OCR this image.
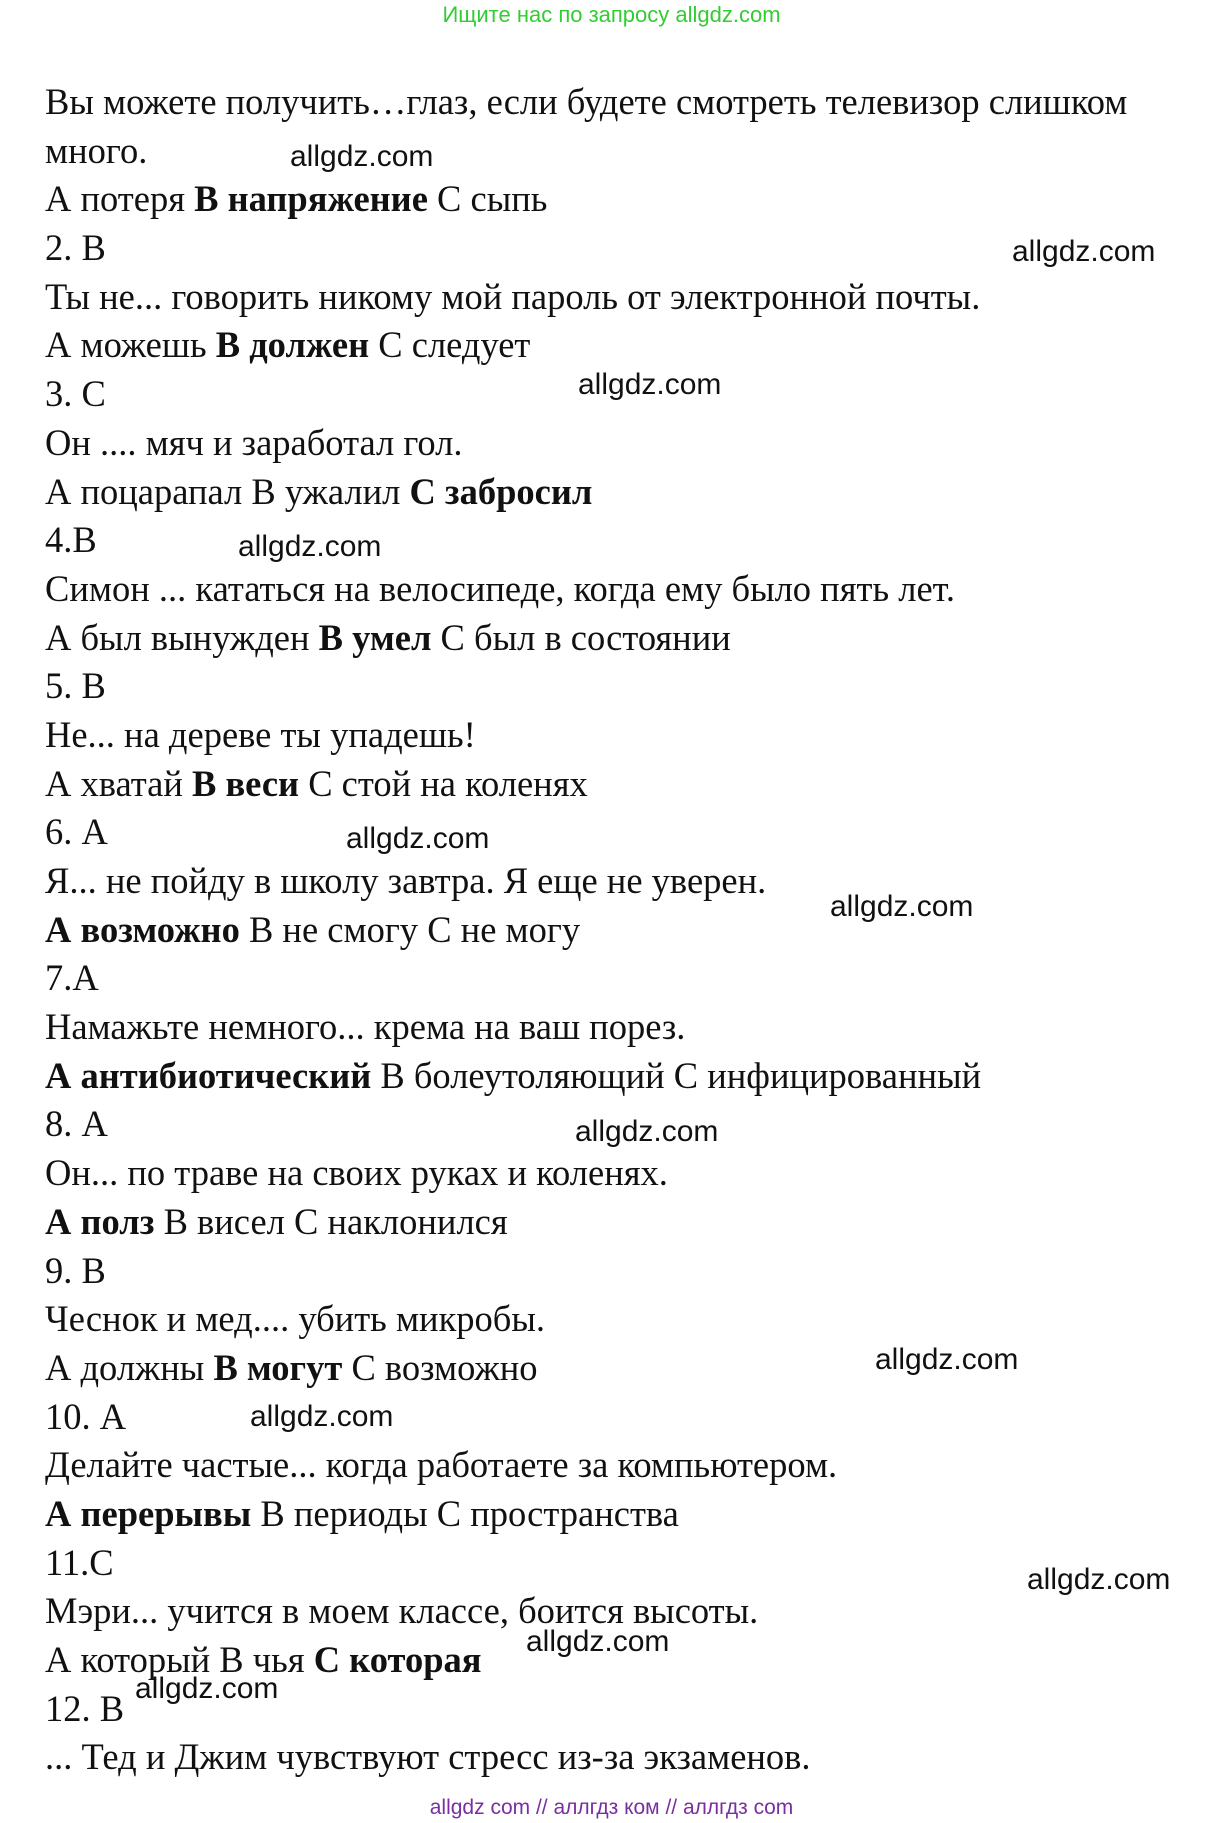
Ищите нас по запросу allgdz.com
Вы можете получить…глаз, если будете смотреть телевизор слишком много.
А потеря В напряжение С сыпь
2. В
Ты не... говорить никому мой пароль от электронной почты.
А можешь В должен С следует
3. С
Он .... мяч и заработал гол.
А поцарапал В ужалил С забросил
4.В
Симон ... кататься на велосипеде, когда ему было пять лет.
А был вынужден В умел С был в состоянии
5. В
Не... на дереве ты упадешь!
А хватай В веси С стой на коленях
6. А
Я... не пойду в школу завтра. Я еще не уверен.
А возможно В не смогу С не могу
7.А
Намажьте немного... крема на ваш порез.
А антибиотический В болеутоляющий С инфицированный
8. А
Он... по траве на своих руках и коленях.
А полз В висел С наклонился
9. В
Чеснок и мед.... убить микробы.
А должны В могут С возможно
10. А
Делайте частые... когда работаете за компьютером.
А перерывы В периоды С пространства
11.С
Мэри... учится в моем классе, боится высоты.
А который В чья С которая
12. В
... Тед и Джим чувствуют стресс из-за экзаменов.
allgdz.com
allgdz.com
allgdz.com
allgdz.com
allgdz.com
allgdz.com
allgdz.com
allgdz.com
allgdz.com
allgdz.com
allgdz.com
allgdz.com
allgdz com // аллгдз ком // аллгдз com
